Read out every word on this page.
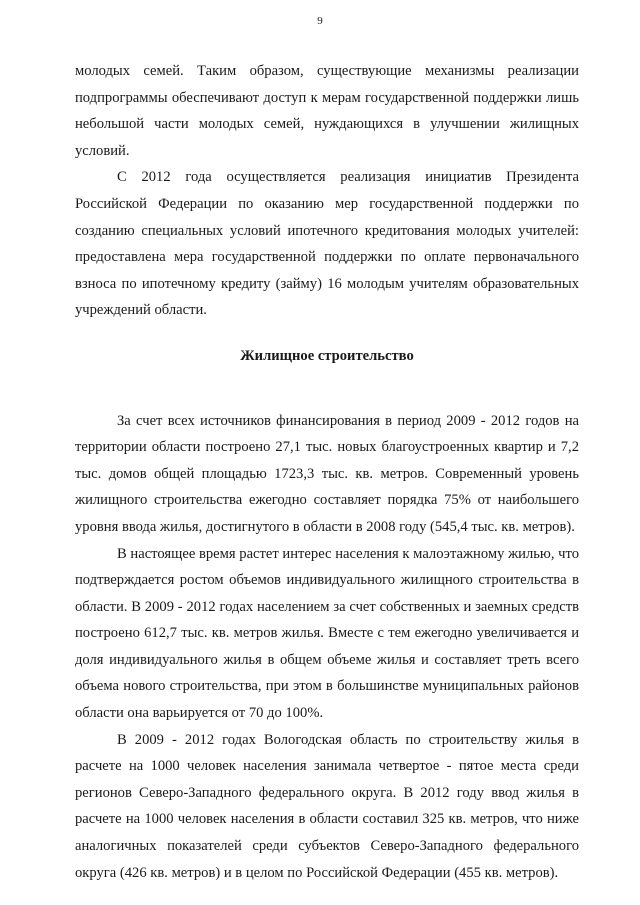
9

молодых семей. Таким образом, существующие механизмы реализации подпрограммы обеспечивают доступ к мерам государственной поддержки лишь небольшой части молодых семей, нуждающихся в улучшении жилищных условий.

С 2012 года осуществляется реализация инициатив Президента Российской Федерации по оказанию мер государственной поддержки по созданию специальных условий ипотечного кредитования молодых учителей: предоставлена мера государственной поддержки по оплате первоначального взноса по ипотечному кредиту (займу) 16 молодым учителям образовательных учреждений области.

Жилищное строительство

За счет всех источников финансирования в период 2009 - 2012 годов на территории области построено 27,1 тыс. новых благоустроенных квартир и 7,2 тыс. домов общей площадью 1723,3 тыс. кв. метров. Современный уровень жилищного строительства ежегодно составляет порядка 75% от наибольшего уровня ввода жилья, достигнутого в области в 2008 году (545,4 тыс. кв. метров).

В настоящее время растет интерес населения к малоэтажному жилью, что подтверждается ростом объемов индивидуального жилищного строительства в области. В 2009 - 2012 годах населением за счет собственных и заемных средств построено 612,7 тыс. кв. метров жилья. Вместе с тем ежегодно увеличивается и доля индивидуального жилья в общем объеме жилья и составляет треть всего объема нового строительства, при этом в большинстве муниципальных районов области она варьируется от 70 до 100%.

В 2009 - 2012 годах Вологодская область по строительству жилья в расчете на 1000 человек населения занимала четвертое - пятое места среди регионов Северо-Западного федерального округа. В 2012 году ввод жилья в расчете на 1000 человек населения в области составил 325 кв. метров, что ниже аналогичных показателей среди субъектов Северо-Западного федерального округа (426 кв. метров) и в целом по Российской Федерации (455 кв. метров).
